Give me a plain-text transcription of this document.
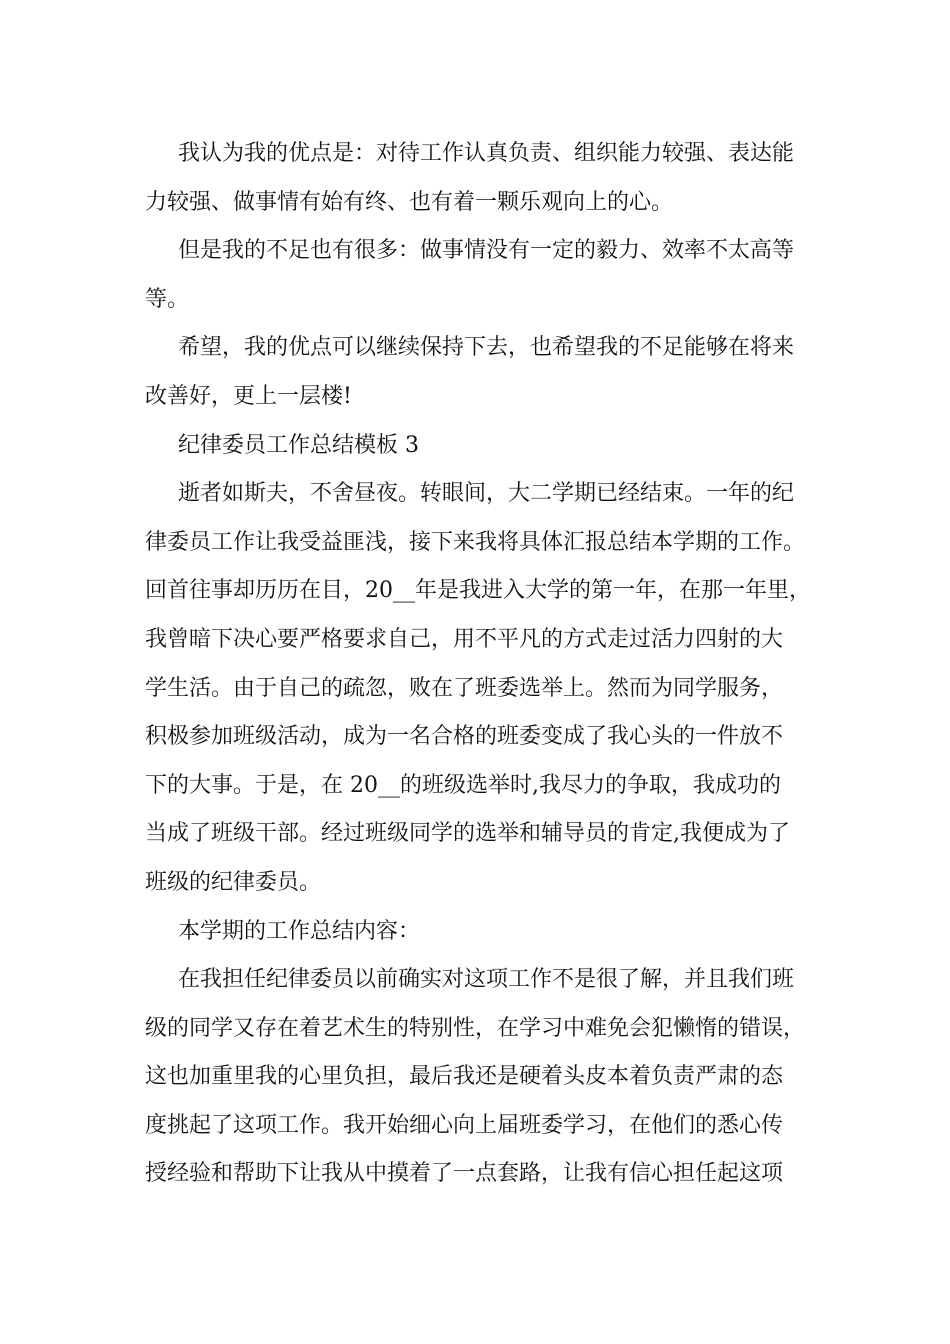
我认为我的优点是：对待工作认真负责、组织能力较强、表达能
力较强、做事情有始有终、也有着一颗乐观向上的心。

但是我的不足也有很多：做事情没有一定的毅力、效率不太高等
等。

希望，我的优点可以继续保持下去，也希望我的不足能够在将来
改善好，更上一层楼!

纪律委员工作总结模板 3

逝者如斯夫，不舍昼夜。转眼间，大二学期已经结束。一年的纪
律委员工作让我受益匪浅，接下来我将具体汇报总结本学期的工作。
回首往事却历历在目，20__年是我进入大学的第一年，在那一年里，
我曾暗下决心要严格要求自己，用不平凡的方式走过活力四射的大
学生活。由于自己的疏忽，败在了班委选举上。然而为同学服务，
积极参加班级活动，成为一名合格的班委变成了我心头的一件放不
下的大事。于是，在 20__的班级选举时,我尽力的争取，我成功的
当成了班级干部。经过班级同学的选举和辅导员的肯定,我便成为了
班级的纪律委员。

本学期的工作总结内容：

在我担任纪律委员以前确实对这项工作不是很了解，并且我们班
级的同学又存在着艺术生的特别性，在学习中难免会犯懒惰的错误，
这也加重里我的心里负担，最后我还是硬着头皮本着负责严肃的态
度挑起了这项工作。我开始细心向上届班委学习，在他们的悉心传
授经验和帮助下让我从中摸着了一点套路，让我有信心担任起这项
